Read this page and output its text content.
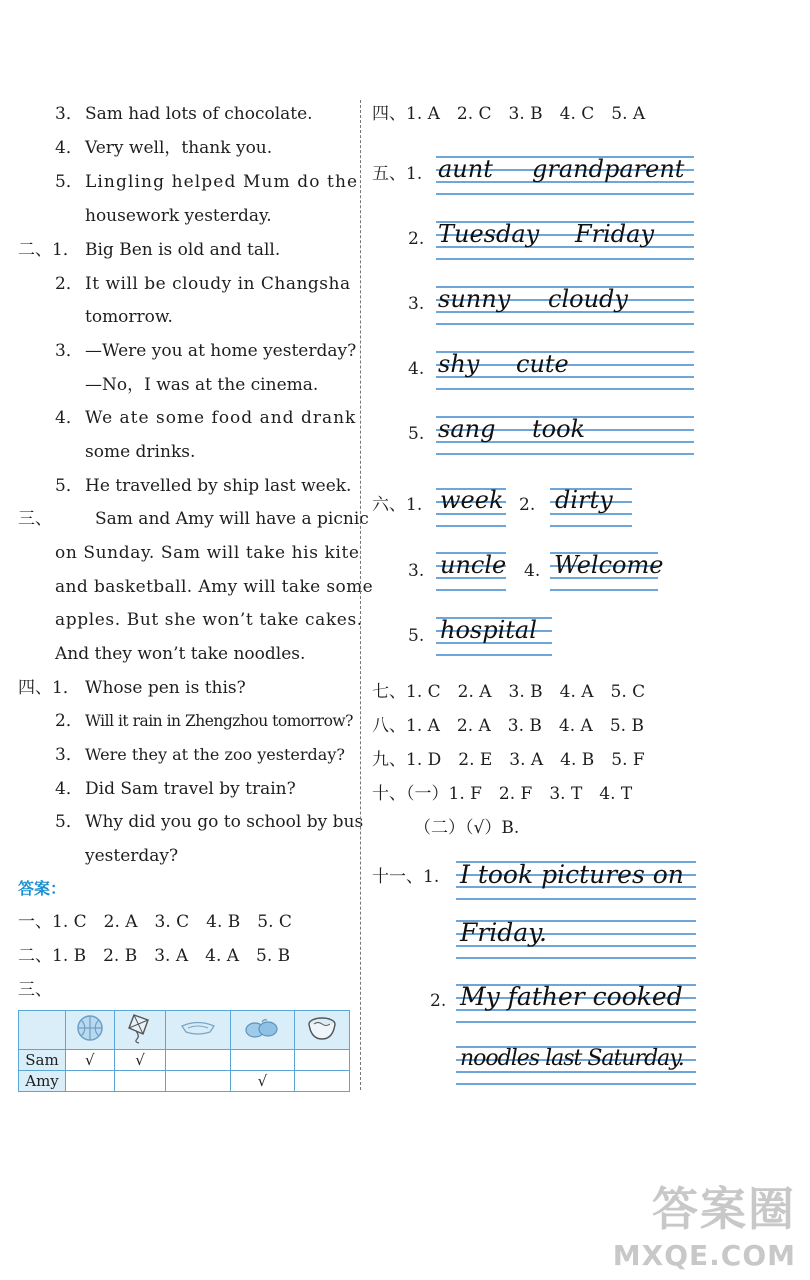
3． Sam had lots of chocolate.
4． Very well，thank you.
5． Lingling helped Mum do the
housework yesterday.
二、1． Big Ben is old and tall.
2． It will be cloudy in Changsha
tomorrow.
3． —Were you at home yesterday?
—No，I was at the cinema.
4． We ate some food and drank
some drinks.
5． He travelled by ship last week.
三、	Sam and Amy will have a picnic
on Sunday. Sam will take his kite
and basketball. Amy will take some
apples. But she won’t take cakes.
And they won’t take noodles.
四、1． Whose pen is this?
2． Will it rain in Zhengzhou tomorrow?
3． Were they at the zoo yesterday?
4． Did Sam travel by train?
5． Why did you go to school by bus
yesterday?
答案：
一、1. C　2. A　3. C　4. B　5. C
二、1. B　2. B　3. A　4. A　5. B
三、

Sam	√	√			
Amy				√	
四、1. A　2. C　3. B　4. C　5. A
五、1. aunt grandparent
2. Tuesday Friday
3. sunny cloudy
4. shy cute
5. sang took
六、1. week 2. dirty
3. uncle 4. Welcome
5. hospital
七、1. C　2. A　3. B　4. A　5. C
八、1. A　2. A　3. B　4. A　5. B
九、1. D　2. E　3. A　4. B　5. F
十、（一）1. F　2. F　3. T　4. T
（二）（√）B.
十一、1. I took pictures on
Friday.
2. My father cooked
noodles last Saturday.
答案圈
MXQE.COM
